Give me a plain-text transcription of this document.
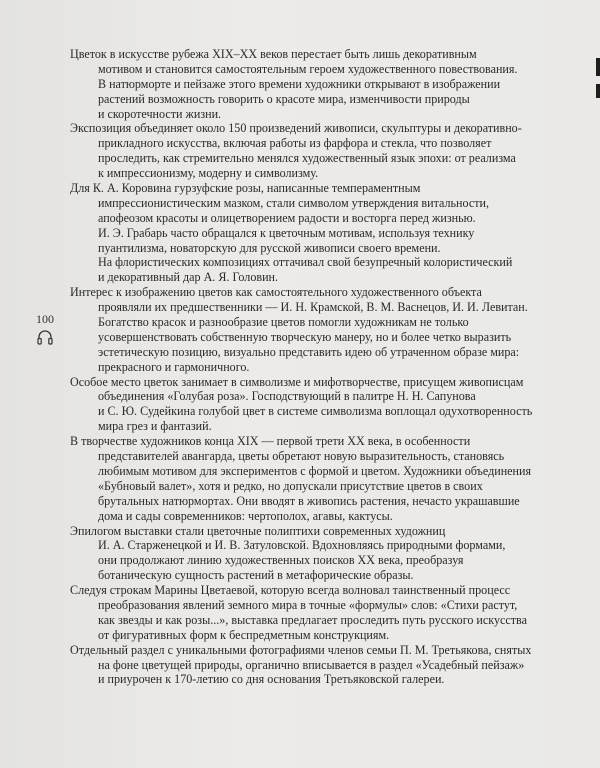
100
Цветок в искусстве рубежа XIX–XX веков перестает быть лишь декоративным
мотивом и становится самостоятельным героем художественного повествования.
В натюрморте и пейзаже этого времени художники открывают в изображении
растений возможность говорить о красоте мира, изменчивости природы
и скоротечности жизни.
Экспозиция объединяет около 150 произведений живописи, скульптуры и декоративно-
прикладного искусства, включая работы из фарфора и стекла, что позволяет
проследить, как стремительно менялся художественный язык эпохи: от реализма
к импрессионизму, модерну и символизму.
Для К. А. Коровина гурзуфские розы, написанные темпераментным
импрессионистическим мазком, стали символом утверждения витальности,
апофеозом красоты и олицетворением радости и восторга перед жизнью.
И. Э. Грабарь часто обращался к цветочным мотивам, используя технику
пуантилизма, новаторскую для русской живописи своего времени.
На флористических композициях оттачивал свой безупречный колористический
и декоративный дар А. Я. Головин.
Интерес к изображению цветов как самостоятельного художественного объекта
проявляли их предшественники — И. Н. Крамской, В. М. Васнецов, И. И. Левитан.
Богатство красок и разнообразие цветов помогли художникам не только
усовершенствовать собственную творческую манеру, но и более четко выразить
эстетическую позицию, визуально представить идею об утраченном образе мира:
прекрасного и гармоничного.
Особое место цветок занимает в символизме и мифотворчестве, присущем живописцам
объединения «Голубая роза». Господствующий в палитре Н. Н. Сапунова
и С. Ю. Судейкина голубой цвет в системе символизма воплощал одухотворенность
мира грез и фантазий.
В творчестве художников конца XIX — первой трети XX века, в особенности
представителей авангарда, цветы обретают новую выразительность, становясь
любимым мотивом для экспериментов с формой и цветом. Художники объединения
«Бубновый валет», хотя и редко, но допускали присутствие цветов в своих
брутальных натюрмортах. Они вводят в живопись растения, нечасто украшавшие
дома и сады современников: чертополох, агавы, кактусы.
Эпилогом выставки стали цветочные полиптихи современных художниц
И. А. Старженецкой и И. В. Затуловской. Вдохновляясь природными формами,
они продолжают линию художественных поисков XX века, преобразуя
ботаническую сущность растений в метафорические образы.
Следуя строкам Марины Цветаевой, которую всегда волновал таинственный процесс
преобразования явлений земного мира в точные «формулы» слов: «Стихи растут,
как звезды и как розы...», выставка предлагает проследить путь русского искусства
от фигуративных форм к беспредметным конструкциям.
Отдельный раздел с уникальными фотографиями членов семьи П. М. Третьякова, снятых
на фоне цветущей природы, органично вписывается в раздел «Усадебный пейзаж»
и приурочен к 170-летию со дня основания Третьяковской галереи.
